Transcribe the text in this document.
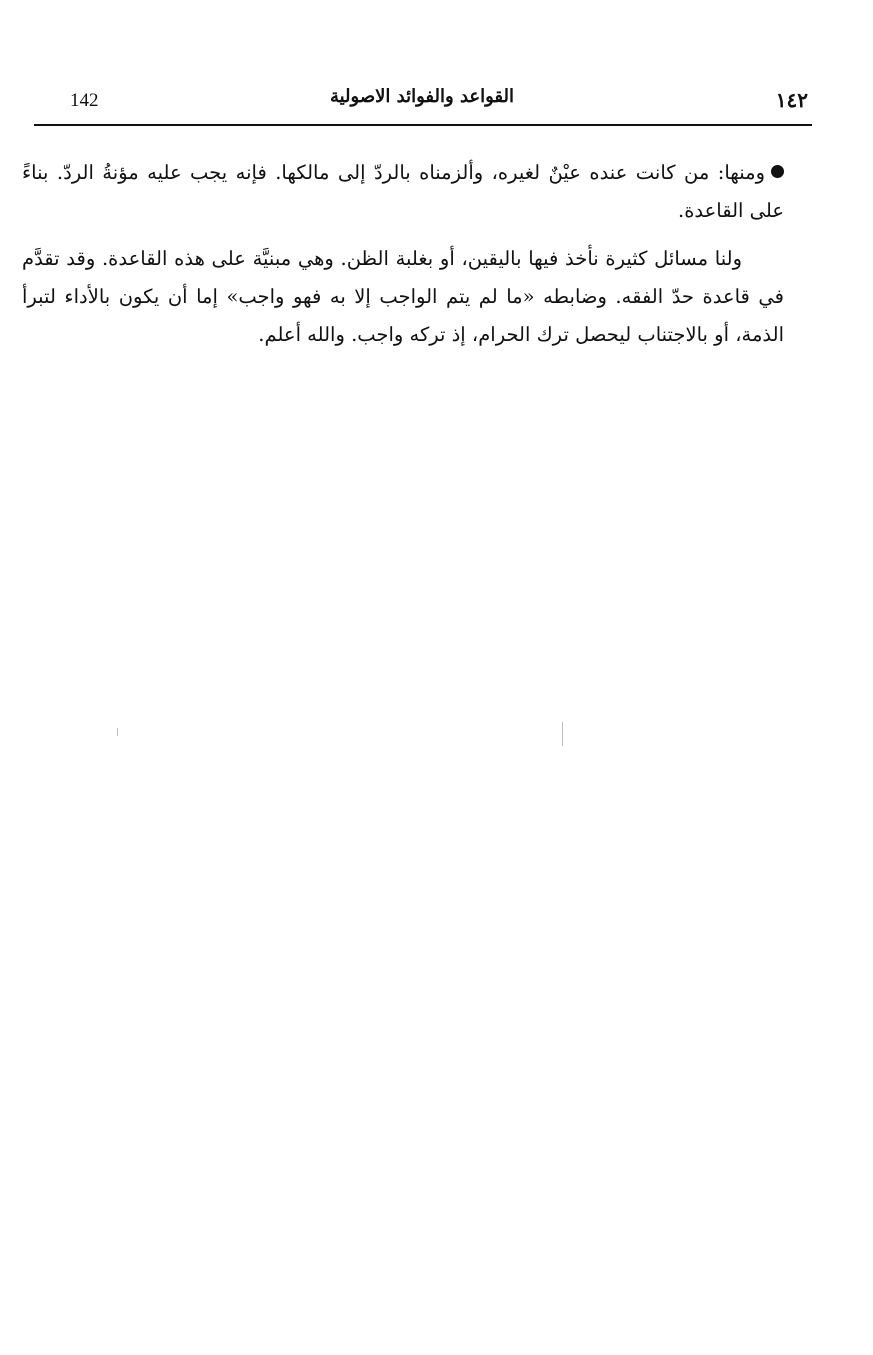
142	القواعد والفوائد الاصولية	١٤٢

ومنها: من كانت عنده عيْنٌ لغيره، وألزمناه بالردّ إلى مالكها. فإنه يجب عليه مؤنةُ الردّ. بناءً على القاعدة.

ولنا مسائل كثيرة نأخذ فيها باليقين، أو بغلبة الظن. وهي مبنيَّة على هذه القاعدة. وقد تقدَّم في قاعدة حدّ الفقه. وضابطه «ما لم يتم الواجب إلا به فهو واجب» إما أن يكون بالأداء لتبرأ الذمة، أو بالاجتناب ليحصل ترك الحرام، إذ تركه واجب. والله أعلم.
